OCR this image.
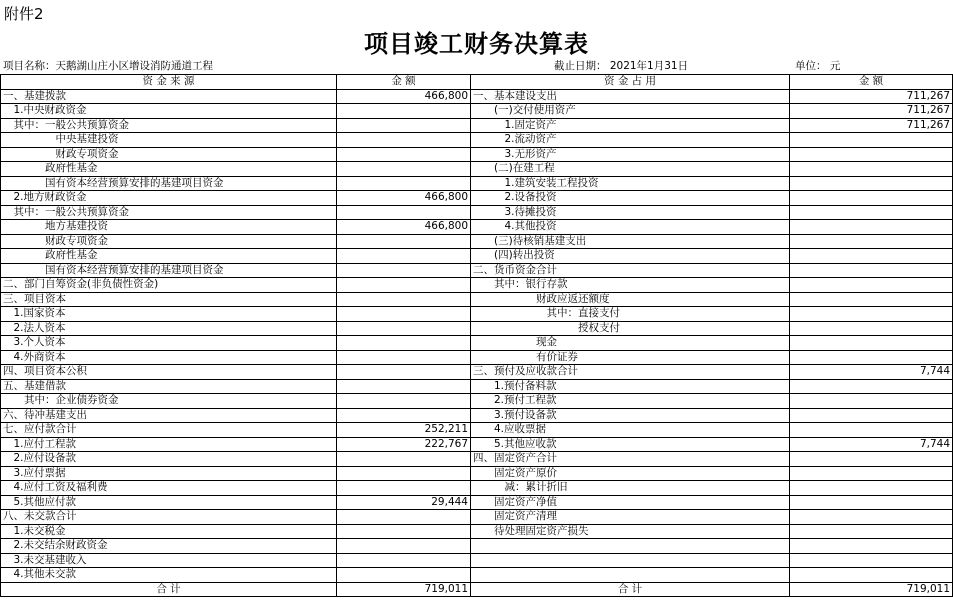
附件2
项目竣工财务决算表
项目名称：天鹅湖山庄小区增设消防通道工程	截止日期： 2021年1月31日	单位： 元
资 金 来 源	金 额	资 金 占 用	金 额
一、基建拨款	466,800	一、基本建设支出	711,267
　1.中央财政资金		　　(一)交付使用资产	711,267
　其中：一般公共预算资金		　　　1.固定资产	711,267
　　　　　中央基建投资		　　　2.流动资产	
　　　　　财政专项资金		　　　3.无形资产	
　　　　政府性基金		　　(二)在建工程	
　　　　国有资本经营预算安排的基建项目资金		　　　1.建筑安装工程投资	
　2.地方财政资金	466,800	　　　2.设备投资	
　其中：一般公共预算资金		　　　3.待摊投资	
　　　　地方基建投资	466,800	　　　4.其他投资	
　　　　财政专项资金		　　(三)待核销基建支出	
　　　　政府性基金		　　(四)转出投资	
　　　　国有资本经营预算安排的基建项目资金		二、货币资金合计	
二、部门自筹资金(非负债性资金)		　　其中：银行存款	
三、项目资本		　　　　　　财政应返还额度	
　1.国家资本		　　　　　　　其中：直接支付	
　2.法人资本		　　　　　　　　　　授权支付	
　3.个人资本		　　　　　　现金	
　4.外商资本		　　　　　　有价证券	
四、项目资本公积		三、预付及应收款合计	7,744
五、基建借款		　　1.预付备料款	
　　其中：企业债券资金		　　2.预付工程款	
六、待冲基建支出		　　3.预付设备款	
七、应付款合计	252,211	　　4.应收票据	
　1.应付工程款	222,767	　　5.其他应收款	7,744
　2.应付设备款		四、固定资产合计	
　3.应付票据		　　固定资产原价	
　4.应付工资及福利费		　　　减：累计折旧	
　5.其他应付款	29,444	　　固定资产净值	
八、未交款合计		　　固定资产清理	
　1.未交税金		　　待处理固定资产损失	
　2.未交结余财政资金			
　3.未交基建收入			
　4.其他未交款			
合 计	719,011	合 计	719,011
